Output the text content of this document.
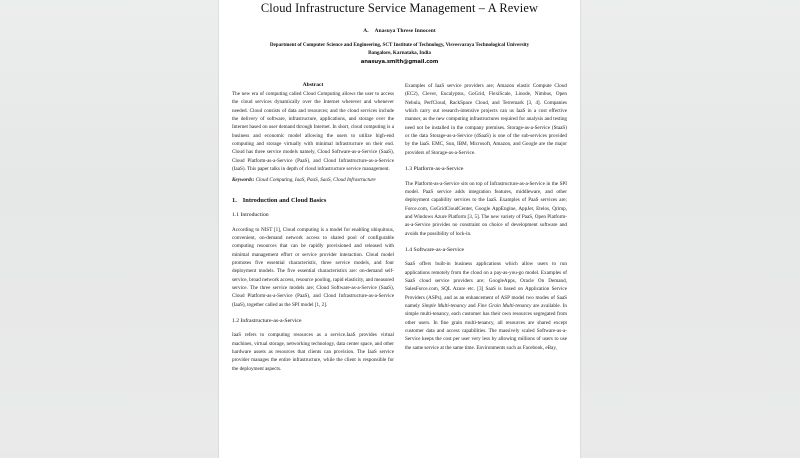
Cloud Infrastructure Service Management – A Review
A. Anasuya Threse Innocent
Department of Computer Science and Engineering, SCT Institute of Technology, Visvesvaraya Technological University
Bangalore, Karnataka, India
anasuya.smith@gmail.com
Abstract

The new era of computing called Cloud Computing allows the user to access the cloud services dynamically over the Internet wherever and whenever needed. Cloud consists of data and resources; and the cloud services include the delivery of software, infrastructure, applications, and storage over the Internet based on user demand through Internet. In short, cloud computing is a business and economic model allowing the users to utilize high-end computing and storage virtually with minimal infrastructure on their end. Cloud has three service models namely, Cloud Software-as-a-Service (SaaS), Cloud Platform-as-a-Service (PaaS), and Cloud Infrastructure-as-a-Service (IaaS). This paper talks in depth of cloud infrastructure service management.

Keywords: Cloud Computing, IaaS, PaaS, SaaS, Cloud Infrastructure

1. Introduction and Cloud Basics
1.1 Introduction

According to NIST [1], Cloud computing is a model for enabling ubiquitous, convenient, on-demand network access to shared pool of configurable computing resources that can be rapidly provisioned and released with minimal management effort or service provider interaction. Cloud model promotes five essential characteristic, three service models, and four deployment models. The five essential characteristics are: on-demand self-service, broad network access, resource pooling, rapid elasticity, and measured service. The three service models are; Cloud Software-as-a-Service (SaaS), Cloud Platform-as-a-Service (PaaS), and Cloud Infrastructure-as-a-Service (IaaS), together called as the SPI model [1, 2].

1.2 Infrastructure-as-a-Service

IaaS refers to computing resources as a service.IaaS provides virtual machines, virtual storage, networking technology, data center space, and other hardware assets as resources that clients can provision. The IaaS service provider manages the entire infrastructure, while the client is responsible for the deployment aspects.

Examples of IaaS service providers are; Amazon elastic Compute Cloud (EC2), Clever, Eucalyptus, GoGrid, FlexiScale, Linode, Nimbus, Open Nebula, PerfCloud, RackSpace Cloud, and Terremark [3, 4]. Companies which carry out research-intensive projects can us IaaS in a cost effective manner, as the new computing infrastructures required for analysis and testing need not be installed in the company premises. Storage-as-a-Service (StaaS) or the data Storage-as-a-Service (dSaaS) is one of the sub-services provided by the IaaS. EMC, Sun, IBM, Microsoft, Amazon, and Google are the major providers of Storage-as-a-Service.

1.3 Platform-as-a-Service

The Platform-as-a-Service sits on top of Infrastructure-as-a-Service in the SPI model. PaaS service adds integration features, middleware, and other deployment capability services to the IaaS. Examples of PaaS services are; Force.com, GoGridCloudCenter, Google AppEngine, AppJet, Etelos, Qrimp, and Windows Azure Platform [3, 5]. The new variety of PaaS, Open Platform-as-a-Service provides no constraint on choice of development software and avoids the possibility of lock-in.

1.4 Software-as-a-Service

SaaS offers built-in business applications which allow users to run applications remotely from the cloud on a pay-as-you-go model. Examples of SaaS cloud service providers are; GoogleApps, Oracle On Demand, SalesForce.com, SQL Azure etc. [3] SaaS is based on Application Service Providers (ASPs), and as an enhancement of ASP model two modes of SaaS namely Simple Multi-tenancy and Fine Grain Multi-tenancy are available. In simple multi-tenancy, each customer has their own resources segregated from other users. In fine grain multi-tenancy, all resources are shared except customer data and access capabilities. The massively scaled Software-as-a-Service keeps the cost per user very less by allowing millions of users to use the same service at the same time. Environments such as Facebook, eBay,
